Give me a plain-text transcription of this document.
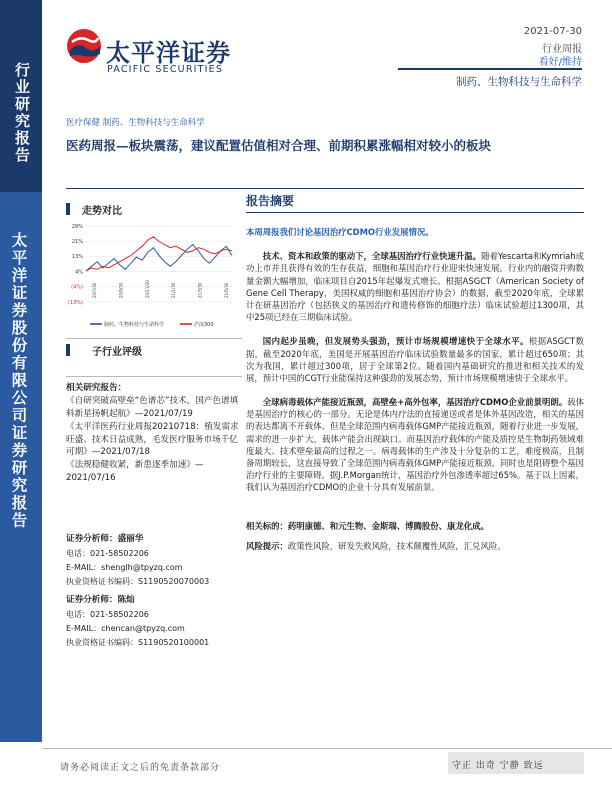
行业研究报告
太平洋证券股份有限公司证券研究报告
太平洋证券
PACIFIC SECURITIES
2021-07-30
行业周报
看好/维持
制药、生物科技与生命科学
医疗保健 制药、生物科技与生命科学
医药周报—板块震荡，建议配置估值相对合理、前期积累涨幅相对较小的板块
走势对比
29%
21%
13%
4%
(4%)
(13%)
20/7/30	20/9/30	20/11/30	21/1/30	21/3/30	21/5/30
制药、生物科技与生命科学	沪深300
子行业评级

相关研究报告：

《自研突破高壁垒“色谱芯”技术，国产色谱填料新星扬帆起航》—2021/07/19

《太平洋医药行业周报20210718：植发需求旺盛、技术日益成熟，毛发医疗服务市场千亿可期》—2021/07/18

《法规稳健收紧，新患逐季加速》—2021/07/16

证券分析师：盛丽华

电话：021-58502206

E-MAIL：shenglh@tpyzq.com

执业资格证书编码：S1190520070003

证券分析师：陈灿

电话：021-58502206

E-MAIL：chencan@tpyzq.com

执业资格证书编码：S1190520100001

报告摘要

本周周报我们讨论基因治疗CDMO行业发展情况。

技术、资本和政策的驱动下，全球基因治疗行业快速升温。随着Yescarta和Kymriah成功上市并且获得有效的生存获益，细胞和基因治疗行业迎来快速发展。行业内的融资并购数量金额大幅增加，临床项目自2015年起爆发式增长。根据ASGCT（American Society of Gene Cell Therapy，美国权威的细胞和基因治疗协会）的数据，截至2020年底，全球累计在研基因治疗（包括狭义的基因治疗和遗传修饰的细胞疗法）临床试验超过1300项，其中25项已经在三期临床试验。

国内起步虽晚，但发展势头强劲，预计市场规模增速快于全球水平。根据ASGCT数据，截至2020年底，美国是开展基因治疗临床试验数量最多的国家，累计超过650项；其次为我国，累计超过300项，居于全球第2位。随着国内基础研究的推进和相关技术的发展，预计中国的CGT行业能保持这种强劲的发展态势，预计市场规模增速快于全球水平。

全球病毒载体产能接近瓶颈，高壁垒+高外包率，基因治疗CDMO企业前景明朗。载体是基因治疗的核心的一部分。无论是体内疗法的直接递送或者是体外基因改造，相关的基因的表达都离不开载体。但是全球范围内病毒载体GMP产能接近瓶颈，随着行业进一步发展，需求的进一步扩大，载体产能会出现缺口。而基因治疗载体的产能及质控是生物制药领域难度最大、技术壁垒最高的过程之一。病毒载体的生产涉及十分复杂的工艺，难度极高，且制备周期较长，这直接导致了全球范围内病毒载体GMP产能接近瓶颈，同时也是阻碍整个基因治疗行业的主要障碍。据J.P.Morgan统计，基因治疗外包渗透率超过65%。基于以上因素，我们认为基因治疗CDMO的企业十分具有发展前景。

相关标的：药明康德、和元生物、金斯瑞、博腾股份、康龙化成。

风险提示：政策性风险，研发失败风险，技术颠覆性风险，汇兑风险。

请务必阅读正文之后的免责条款部分	守正 出奇 宁静 致远
